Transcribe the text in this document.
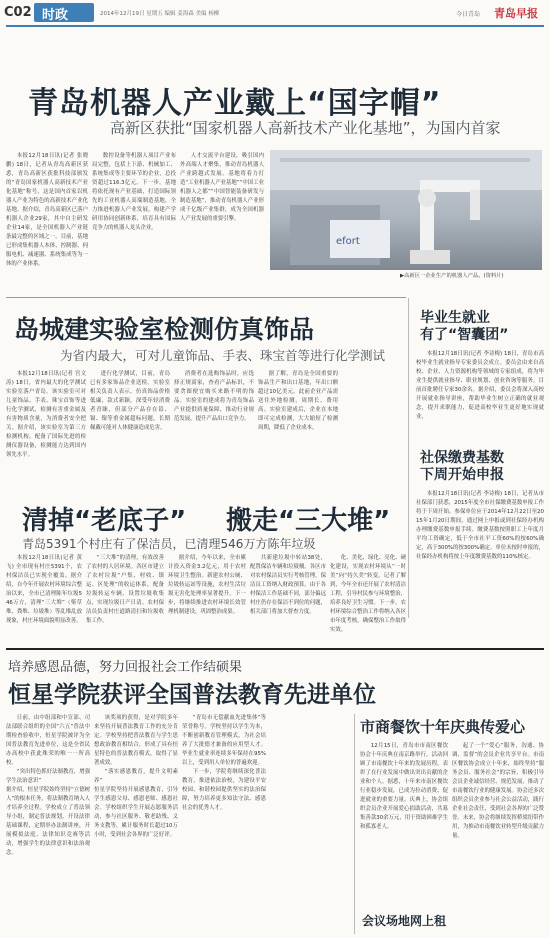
C02 时政	2014年12月19日 星期五 编辑 姜海森 美编 杨柳	今日青岛 青岛早报
青岛机器人产业戴上“国字帽”
高新区获批“国家机器人高新技术产业化基地”，为国内首家

本报12月18日讯(记者 张晓鹏) 18日，记者从青岛高新区获悉，青岛高新区获批科技部颁发的“青岛国家机器人高新技术产业化基地”称号，这是国内首家以机器人产业为特色的高新技术产业化基地。据介绍，青岛高新区已落户机器人企业29家，其中自主研发企业14家，是全国机器人产业链条最完整的区域之一。目前，基地已形成集机器人本体、控制器、伺服电机、减速器、系统集成等为一体的产业体系。

数控设备等机器人项目产业布局完整，包括上下游、机械加工、系统集成等主要环节的企业，总投资超过116.3亿元。下一步，基地将依托现有产业基础，打造国际领先的工业机器人高端制造基地，全力推进机器人产业发展，构建产学研用协同创新体系，培育具有国际竞争力的机器人龙头企业。

人才交流平台建设，吸引国内外高端人才聚集，推动青岛机器人产业跨越式发展。基地将着力打造“工业机器人产业基地”“中国工业机器人之都”“中国智能装备研发与制造基地”，推动青岛机器人产业形成千亿级产业集群，成为全国机器人产业发展的重要引擎。

efort
▶高新区一企业生产的机器人产品。(资料片)
岛城建实验室检测仿真饰品
为省内最大，可对儿童饰品、手表、珠宝首等进行化学测试

本报12月18日讯(记者 宫文涛) 18日，省内最大的化学测试实验室落户青岛。该实验室可对儿童饰品、手表、珠宝首饰等进行化学测试，检测有害重金属及有害物质含量，为消费者安全把关。据介绍，该实验室为第三方检测机构，配备了国际先进的检测仪器设备，检测能力达到国内领先水平。

进行化学测试，目前，青岛已有多家饰品企业送检。实验室相关负责人表示，仿真饰品价格低廉，款式新颖，深受年轻消费者青睐，但部分产品存在铅、镉、镍等重金属超标问题，长期佩戴可能对人体健康造成危害。

消费者在选购饰品时，应选择正规商家，查看产品标识，不要贪图便宜购买来路不明的饰品。实验室的建成将为青岛饰品产业提供质量保障，推动行业规范发展，提升产品出口竞争力。

据了解，青岛是全国重要的饰品生产和出口基地，年出口额超过10亿美元。此前企业产品需送往外地检测，周期长、费用高。实验室建成后，企业在本地即可完成检测，大大缩短了检测周期，降低了企业成本。

毕业生就业
有了“智囊团”

本报12月18日讯(记者 李诗梅) 18日，青岛市高校毕业生就业指导专家委员会成立。委员会由来自高校、企业、人力资源机构等领域的专家组成，将为毕业生提供就业指导、职业规划、创业咨询等服务。目前首批聘任专家30余名。据介绍，委员会将深入高校开展就业指导讲座，帮助毕业生树立正确的就业观念，提升求职能力，促进高校毕业生更好地实现就业。

社保缴费基数
下周开始申报

本报12月18日讯(记者 李诗梅) 18日，记者从市社保部门获悉，2015年度全市社保缴费基数申报工作将于下周开始。参保单位应于2014年12月22日至2015年1月20日期间，通过网上申报或到社保经办机构办理缴费基数申报手续。缴费基数按照职工上年度月平均工资确定，低于全市社平工资60%的按60%确定，高于300%的按300%确定。单位未按时申报的，社保经办机构将按上年度缴费基数的110%核定。

清掉“老底子” 搬走“三大堆”
青岛5391个村庄有了保洁员，已清理546万方陈年垃圾

本报12月18日讯(记者 黄飞) 全市现有村庄5391个，农村保洁员已实现全覆盖。据介绍，自今年开展农村环境综合整治以来，全市已清理陈年垃圾546万方，清理“三大堆”（柴草堆、粪堆、垃圾堆）等乱堆乱放现象，村庄环境面貌明显改善。

“三大堆”的清理，有效改善了农村的人居环境。各区市建立了农村垃圾“户集、村收、镇运、区处理”的收运体系，配备垃圾转运车辆，设置垃圾收集点，实现垃圾日产日清。农村保洁员负责村庄道路清扫和垃圾收集工作。

据介绍，今年以来，全市累计投入资金3.2亿元，用于农村环境卫生整治。新建农村公厕、垃圾转运站等设施，农村生活垃圾无害化处理率显著提升。下一步，将继续推进农村环境长效管理机制建设，巩固整治成果。

共新建垃圾中转站38处，配置保洁车辆和垃圾桶。各区市对农村保洁员实行考核管理，保洁员工资纳入财政预算。由于各村保洁工作基础不同，部分偏远村庄仍存在保洁不到位的问题，相关部门将加大督查力度。

化、美化、绿化、亮化、硬化建设，实现农村环境从“一时美”向“持久美”转变。记者了解到，今年全市还开展了农村清洁工程，引导村民参与环境整治，培养良好卫生习惯。下一步，农村环境综合整治工作将纳入各区市年度考核，确保整治工作取得实效。

培养感恩品德，努力回报社会工作结硕果
恒星学院获评全国普法教育先进单位

日前，由中组部和中宣部、司法部联合组织的全国“六五”普法中期检查验收中，恒星学院被评为全国普法教育先进单位，这是全省民办高校中获此殊荣的唯一一所高校。

“突出特色抓好法制教育，增强学生法治意识”
据介绍，恒星学院始终坚持“立德树人”的根本任务，将法制教育纳入人才培养全过程。学校成立了普法领导小组，制定普法规划，开设法律基础课程，定期举办法制讲座，开展模拟法庭、法律知识竞赛等活动，增强学生的法律意识和法治观念。

该奖项的获得，是对学院多年来坚持开展普法教育工作的充分肯定。学校坚持把普法教育与学生思想政治教育相结合，形成了具有恒星特色的普法教育模式，取得了显著成效。

“落实感恩教育，提升文明素养”
恒星学院坚持开展感恩教育，引导学生感恩父母、感恩老师、感恩社会。学校组织学生开展志愿服务活动，参与社区服务、敬老助残、义务支教等，累计服务时长超过10万小时，受到社会各界的广泛好评。

“青岛市无偿献血先进集体”等荣誉称号。学校坚持以学生为本，不断创新教育管理模式，为社会培养了大批德才兼备的应用型人才。毕业生就业率连续多年保持在95%以上，受到用人单位的普遍欢迎。

下一步，学院将继续深化普法教育，推进依法治校，为建设平安校园、和谐校园提供坚实的法治保障，努力培养更多知法守法、感恩社会的优秀人才。

市商餐饮十年庆典传爱心

12月15日，青岛市市南区餐饮协会十年庆典在南京路举行。活动回顾了市南餐饮十年来的发展历程，表彰了在行业发展中做出突出贡献的企业和个人。据悉，十年来市南区餐饮行业稳步发展，已成为拉动消费、促进就业的重要力量。庆典上，协会组织会员企业开展爱心捐助活动，共募集善款30余万元，用于资助困难学生和孤寡老人。

起了一个“爱心”服务，沟通、协调、监督”的会员企业共享平台。市南区餐饮协会成立十年来，始终坚持“服务会员、服务社会”的宗旨，积极引导会员企业诚信经营、规范发展，推动了市南餐饮行业的健康发展。协会还多次组织会员企业参与社会公益活动，践行企业社会责任，受到社会各界的广泛赞誉。未来，协会将继续发挥桥梁纽带作用，为推动市南餐饮业转型升级贡献力量。

会议场地网上租
